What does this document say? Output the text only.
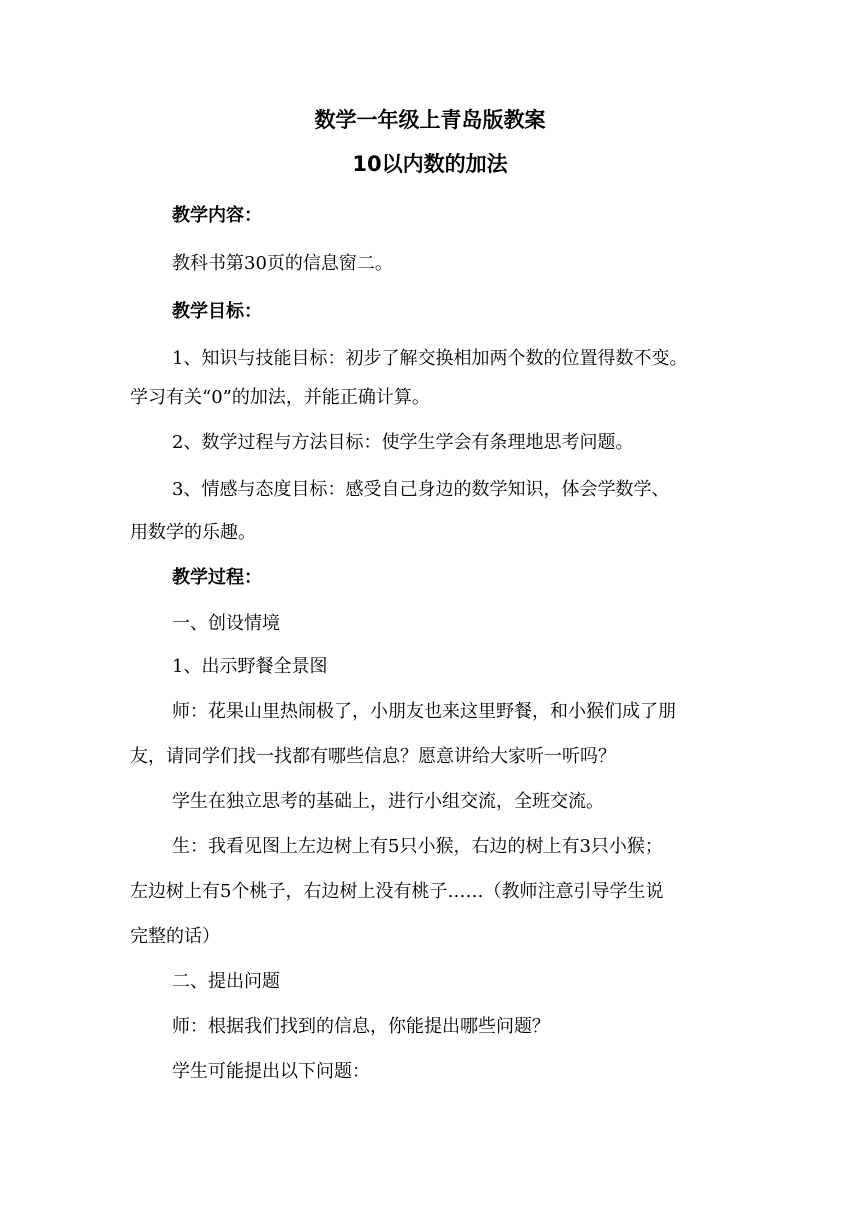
数学一年级上青岛版教案
10以内数的加法
教学内容：
教科书第30页的信息窗二。
教学目标：
1、知识与技能目标：初步了解交换相加两个数的位置得数不变。
学习有关“0”的加法，并能正确计算。
2、数学过程与方法目标：使学生学会有条理地思考问题。
3、情感与态度目标：感受自己身边的数学知识，体会学数学、
用数学的乐趣。
教学过程：
一、创设情境
1、出示野餐全景图
师：花果山里热闹极了，小朋友也来这里野餐，和小猴们成了朋
友，请同学们找一找都有哪些信息？愿意讲给大家听一听吗？
学生在独立思考的基础上，进行小组交流，全班交流。
生：我看见图上左边树上有5只小猴，右边的树上有3只小猴；
左边树上有5个桃子，右边树上没有桃子……（教师注意引导学生说
完整的话）
二、提出问题
师：根据我们找到的信息，你能提出哪些问题？
学生可能提出以下问题：
